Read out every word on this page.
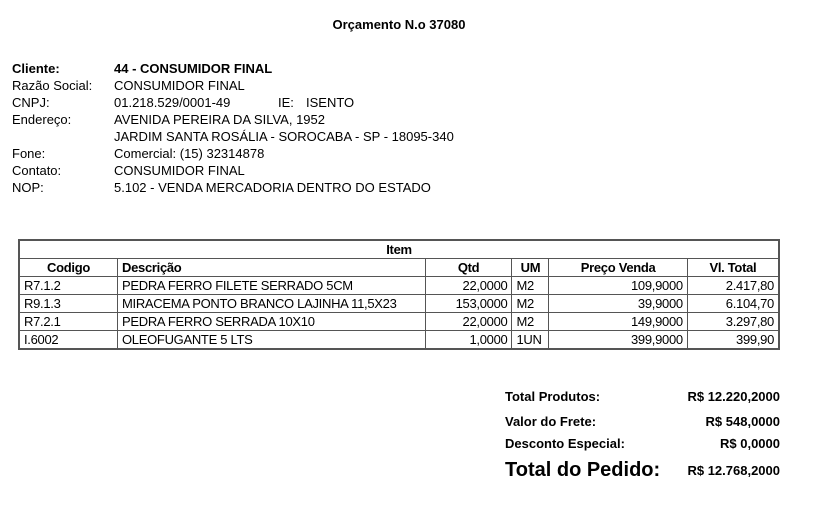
Orçamento N.o 37080
Cliente:	44 - CONSUMIDOR FINAL
Razão Social: CONSUMIDOR FINAL
CNPJ:	01.218.529/0001-49	IE: ISENTO
Endereço:	AVENIDA PEREIRA DA SILVA, 1952
JARDIM SANTA ROSÁLIA - SOROCABA - SP - 18095-340
Fone:	Comercial: (15) 32314878
Contato:	CONSUMIDOR FINAL
NOP:	5.102 - VENDA MERCADORIA DENTRO DO ESTADO
Item					
Codigo	Descrição	Qtd	UM	Preço Venda	Vl. Total
R7.1.2	PEDRA FERRO FILETE SERRADO 5CM	22,0000	M2	109,9000	2.417,80
R9.1.3	MIRACEMA PONTO BRANCO LAJINHA 11,5X23	153,0000	M2	39,9000	6.104,70
R7.2.1	PEDRA FERRO SERRADA 10X10	22,0000	M2	149,9000	3.297,80
I.6002	OLEOFUGANTE 5 LTS	1,0000	1UN	399,9000	399,90
Total Produtos:	R$ 12.220,2000
Valor do Frete:	R$ 548,0000
Desconto Especial:	R$ 0,0000
Total do Pedido: R$ 12.768,2000
